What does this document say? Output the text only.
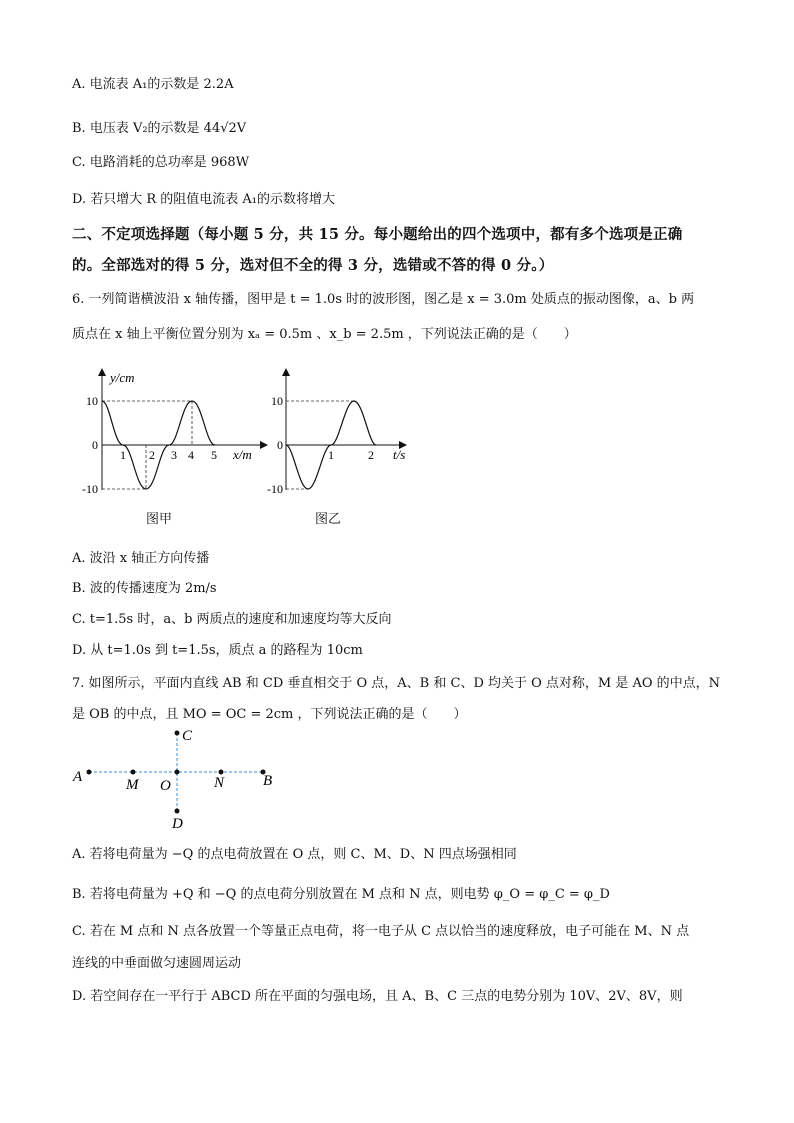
A. 电流表 A₁的示数是 2.2A
B. 电压表 V₂的示数是 44√2V
C. 电路消耗的总功率是 968W
D. 若只增大 R 的阻值电流表 A₁的示数将增大
二、不定项选择题（每小题 5 分，共 15 分。每小题给出的四个选项中，都有多个选项是正确
的。全部选对的得 5 分，选对但不全的得 3 分，选错或不答的得 0 分。）
6. 一列简谐横波沿 x 轴传播，图甲是 t = 1.0s 时的波形图，图乙是 x = 3.0m 处质点的振动图像，a、b 两
质点在 x 轴上平衡位置分别为 xₐ = 0.5m 、x_b = 2.5m ，下列说法正确的是（　　）
y/cm
10
0
-10
1 2 3 4 5 x/m
图甲
10
0
-10
1	2 t/s
图乙
A. 波沿 x 轴正方向传播
B. 波的传播速度为 2m/s
C. t=1.5s 时，a、b 两质点的速度和加速度均等大反向
D. 从 t=1.0s 到 t=1.5s，质点 a 的路程为 10cm
7. 如图所示，平面内直线 AB 和 CD 垂直相交于 O 点，A、B 和 C、D 均关于 O 点对称，M 是 AO 的中点，N
是 OB 的中点，且 MO = OC = 2cm ，下列说法正确的是（　　）
A	M O	N	B
C
D
A. 若将电荷量为 −Q 的点电荷放置在 O 点，则 C、M、D、N 四点场强相同
B. 若将电荷量为 +Q 和 −Q 的点电荷分别放置在 M 点和 N 点，则电势 φ_O = φ_C = φ_D
C. 若在 M 点和 N 点各放置一个等量正点电荷，将一电子从 C 点以恰当的速度释放，电子可能在 M、N 点
连线的中垂面做匀速圆周运动
D. 若空间存在一平行于 ABCD 所在平面的匀强电场，且 A、B、C 三点的电势分别为 10V、2V、8V，则
